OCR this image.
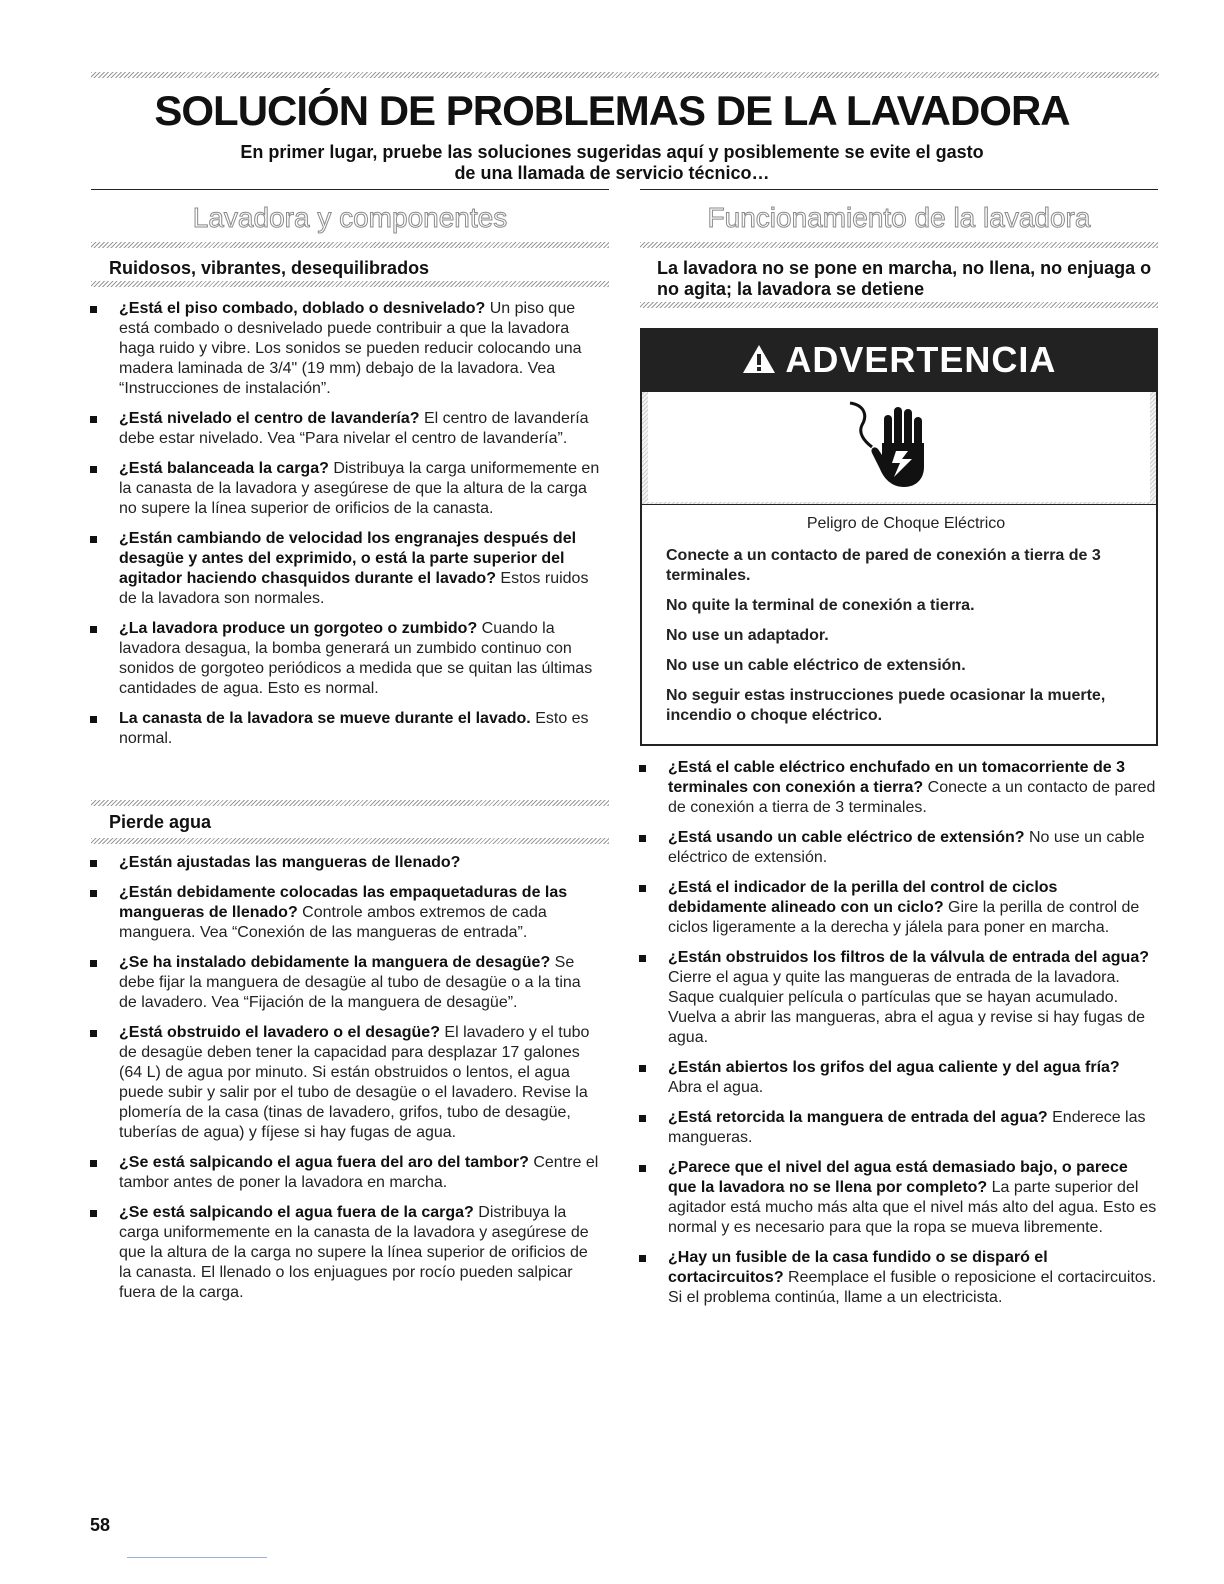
SOLUCIÓN DE PROBLEMAS DE LA LAVADORA
En primer lugar, pruebe las soluciones sugeridas aquí y posiblemente se evite el gasto
de una llamada de servicio técnico…
Lavadora y componentes
Ruidosos, vibrantes, desequilibrados
¿Está el piso combado, doblado o desnivelado? Un piso que está combado o desnivelado puede contribuir a que la lavadora haga ruido y vibre. Los sonidos se pueden reducir colocando una madera laminada de 3/4" (19 mm) debajo de la lavadora. Vea “Instrucciones de instalación”.
¿Está nivelado el centro de lavandería? El centro de lavandería debe estar nivelado. Vea “Para nivelar el centro de lavandería”.
¿Está balanceada la carga? Distribuya la carga uniformemente en la canasta de la lavadora y asegúrese de que la altura de la carga no supere la línea superior de orificios de la canasta.
¿Están cambiando de velocidad los engranajes después del desagüe y antes del exprimido, o está la parte superior del agitador haciendo chasquidos durante el lavado? Estos ruidos de la lavadora son normales.
¿La lavadora produce un gorgoteo o zumbido? Cuando la lavadora desagua, la bomba generará un zumbido continuo con sonidos de gorgoteo periódicos a medida que se quitan las últimas cantidades de agua. Esto es normal.
La canasta de la lavadora se mueve durante el lavado. Esto es normal.
Pierde agua
¿Están ajustadas las mangueras de llenado?
¿Están debidamente colocadas las empaquetaduras de las mangueras de llenado? Controle ambos extremos de cada manguera. Vea “Conexión de las mangueras de entrada”.
¿Se ha instalado debidamente la manguera de desagüe? Se debe fijar la manguera de desagüe al tubo de desagüe o a la tina de lavadero. Vea “Fijación de la manguera de desagüe”.
¿Está obstruido el lavadero o el desagüe? El lavadero y el tubo de desagüe deben tener la capacidad para desplazar 17 galones (64 L) de agua por minuto. Si están obstruidos o lentos, el agua puede subir y salir por el tubo de desagüe o el lavadero. Revise la plomería de la casa (tinas de lavadero, grifos, tubo de desagüe, tuberías de agua) y fíjese si hay fugas de agua.
¿Se está salpicando el agua fuera del aro del tambor? Centre el tambor antes de poner la lavadora en marcha.
¿Se está salpicando el agua fuera de la carga? Distribuya la carga uniformemente en la canasta de la lavadora y asegúrese de que la altura de la carga no supere la línea superior de orificios de la canasta. El llenado o los enjuagues por rocío pueden salpicar fuera de la carga.
Funcionamiento de la lavadora
La lavadora no se pone en marcha, no llena, no enjuaga o no agita; la lavadora se detiene
ADVERTENCIA

Peligro de Choque Eléctrico

Conecte a un contacto de pared de conexión a tierra de 3 terminales.

No quite la terminal de conexión a tierra.

No use un adaptador.

No use un cable eléctrico de extensión.

No seguir estas instrucciones puede ocasionar la muerte, incendio o choque eléctrico.

¿Está el cable eléctrico enchufado en un tomacorriente de 3 terminales con conexión a tierra? Conecte a un contacto de pared de conexión a tierra de 3 terminales.
¿Está usando un cable eléctrico de extensión? No use un cable eléctrico de extensión.
¿Está el indicador de la perilla del control de ciclos debidamente alineado con un ciclo? Gire la perilla de control de ciclos ligeramente a la derecha y jálela para poner en marcha.
¿Están obstruidos los filtros de la válvula de entrada del agua? Cierre el agua y quite las mangueras de entrada de la lavadora. Saque cualquier película o partículas que se hayan acumulado. Vuelva a abrir las mangueras, abra el agua y revise si hay fugas de agua.
¿Están abiertos los grifos del agua caliente y del agua fría? Abra el agua.
¿Está retorcida la manguera de entrada del agua? Enderece las mangueras.
¿Parece que el nivel del agua está demasiado bajo, o parece que la lavadora no se llena por completo? La parte superior del agitador está mucho más alta que el nivel más alto del agua. Esto es normal y es necesario para que la ropa se mueva libremente.
¿Hay un fusible de la casa fundido o se disparó el cortacircuitos? Reemplace el fusible o reposicione el cortacircuitos. Si el problema continúa, llame a un electricista.
58
